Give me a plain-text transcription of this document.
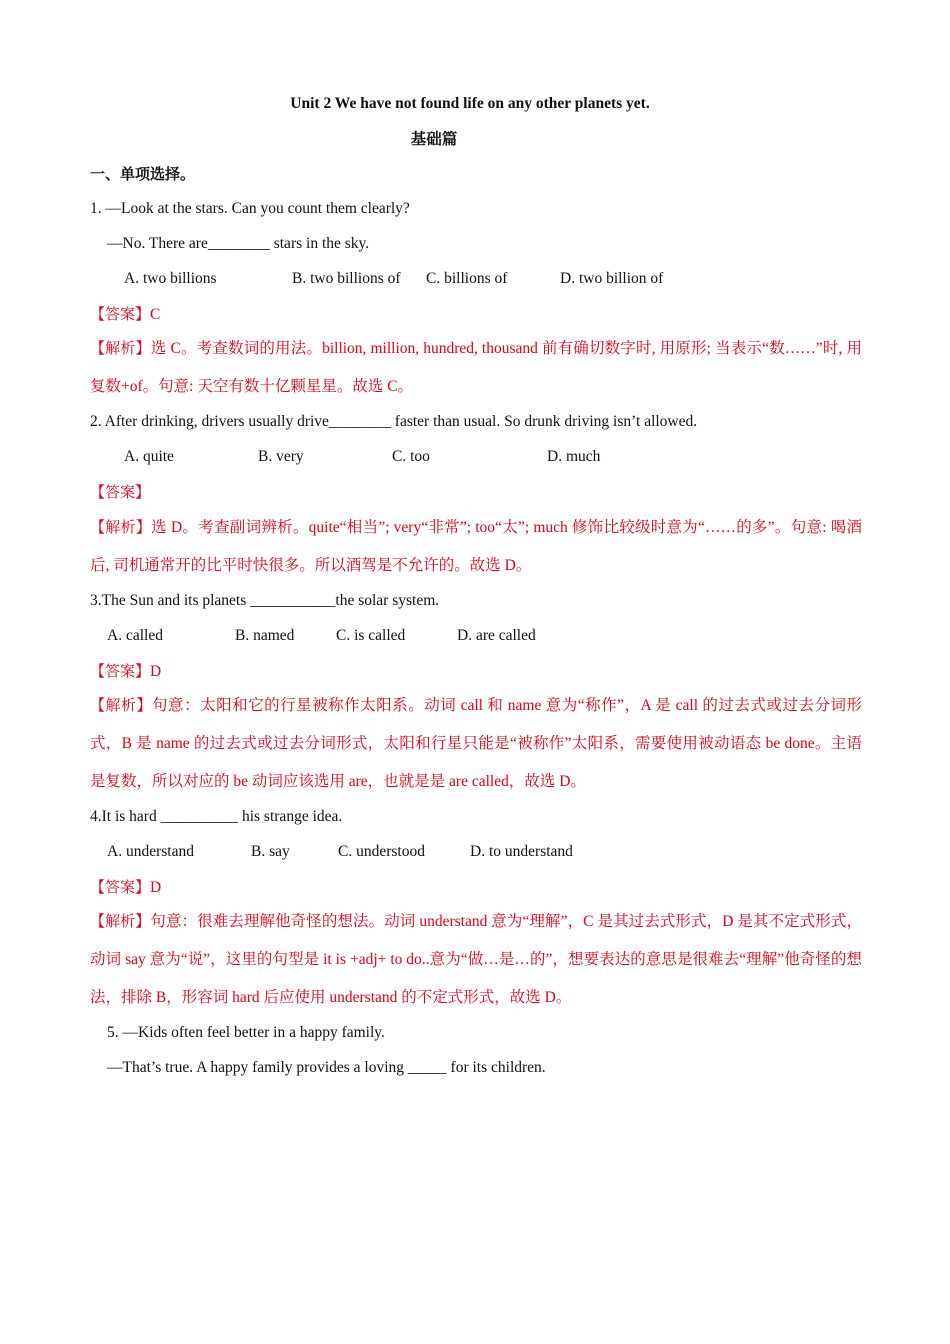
Unit 2 We have not found life on any other planets yet.
基础篇
一、单项选择。
1. —Look at the stars. Can you count them clearly?
—No. There are________ stars in the sky.
A. two billions	B. two billions of C. billions of	D. two billion of
【答案】C
【解析】选 C。考查数词的用法。billion, million, hundred, thousand 前有确切数字时, 用原形; 当表示“数……”时, 用复数+of。句意: 天空有数十亿颗星星。故选 C。
2. After drinking, drivers usually drive________ faster than usual. So drunk driving isn’t allowed.
A. quite	B. very	C. too	D. much
【答案】
【解析】选 D。考查副词辨析。quite“相当”; very“非常”; too“太”; much 修饰比较级时意为“……的多”。句意: 喝酒后, 司机通常开的比平时快很多。所以酒驾是不允许的。故选 D。
3.The Sun and its planets ___________the solar system.
A. called	B. named	C. is called	D. are called
【答案】D
【解析】句意：太阳和它的行星被称作太阳系。动词 call 和 name 意为“称作”，A 是 call 的过去式或过去分词形式，B 是 name 的过去式或过去分词形式，太阳和行星只能是“被称作”太阳系，需要使用被动语态 be done。主语是复数，所以对应的 be 动词应该选用 are，也就是是 are called，故选 D。
4.It is hard __________ his strange idea.
A. understand	B. say	C. understood	D. to understand
【答案】D
【解析】句意：很难去理解他奇怪的想法。动词 understand 意为“理解”，C 是其过去式形式，D 是其不定式形式，动词 say 意为“说”，这里的句型是 it is +adj+ to do..意为“做…是…的”，想要表达的意思是很难去“理解”他奇怪的想法，排除 B，形容词 hard 后应使用 understand 的不定式形式，故选 D。
5. —Kids often feel better in a happy family.
—That’s true. A happy family provides a loving _____ for its children.
